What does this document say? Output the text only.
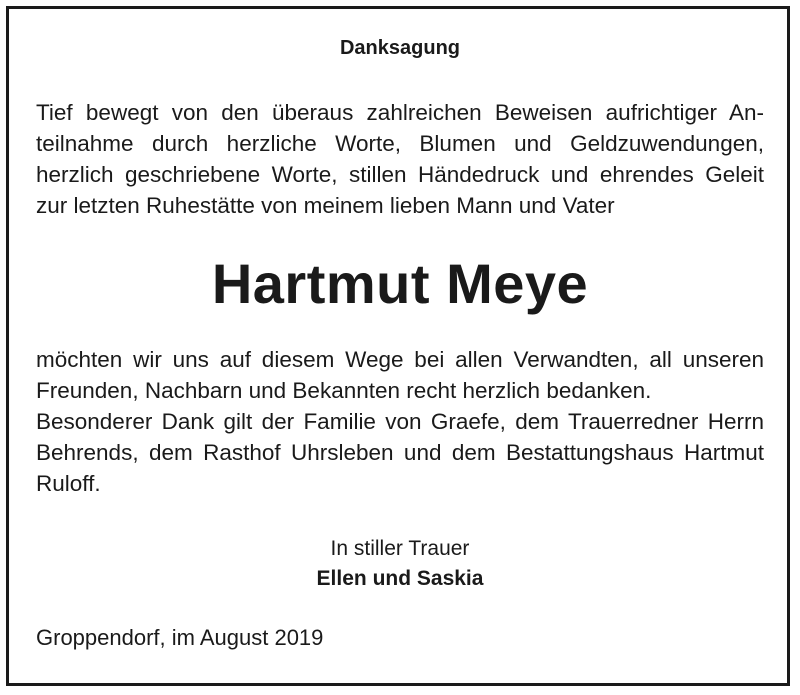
Danksagung
Tief bewegt von den überaus zahlreichen Beweisen aufrichtiger An-
teilnahme durch herzliche Worte, Blumen und Geldzuwendungen,
herzlich geschriebene Worte, stillen Händedruck und ehrendes Geleit
zur letzten Ruhestätte von meinem lieben Mann und Vater
Hartmut Meye
möchten wir uns auf diesem Wege bei allen Verwandten, all unseren
Freunden, Nachbarn und Bekannten recht herzlich bedanken.
Besonderer Dank gilt der Familie von Graefe, dem Trauerredner Herrn
Behrends, dem Rasthof Uhrsleben und dem Bestattungshaus Hartmut
Ruloff.
In stiller Trauer
Ellen und Saskia
Groppendorf, im August 2019
